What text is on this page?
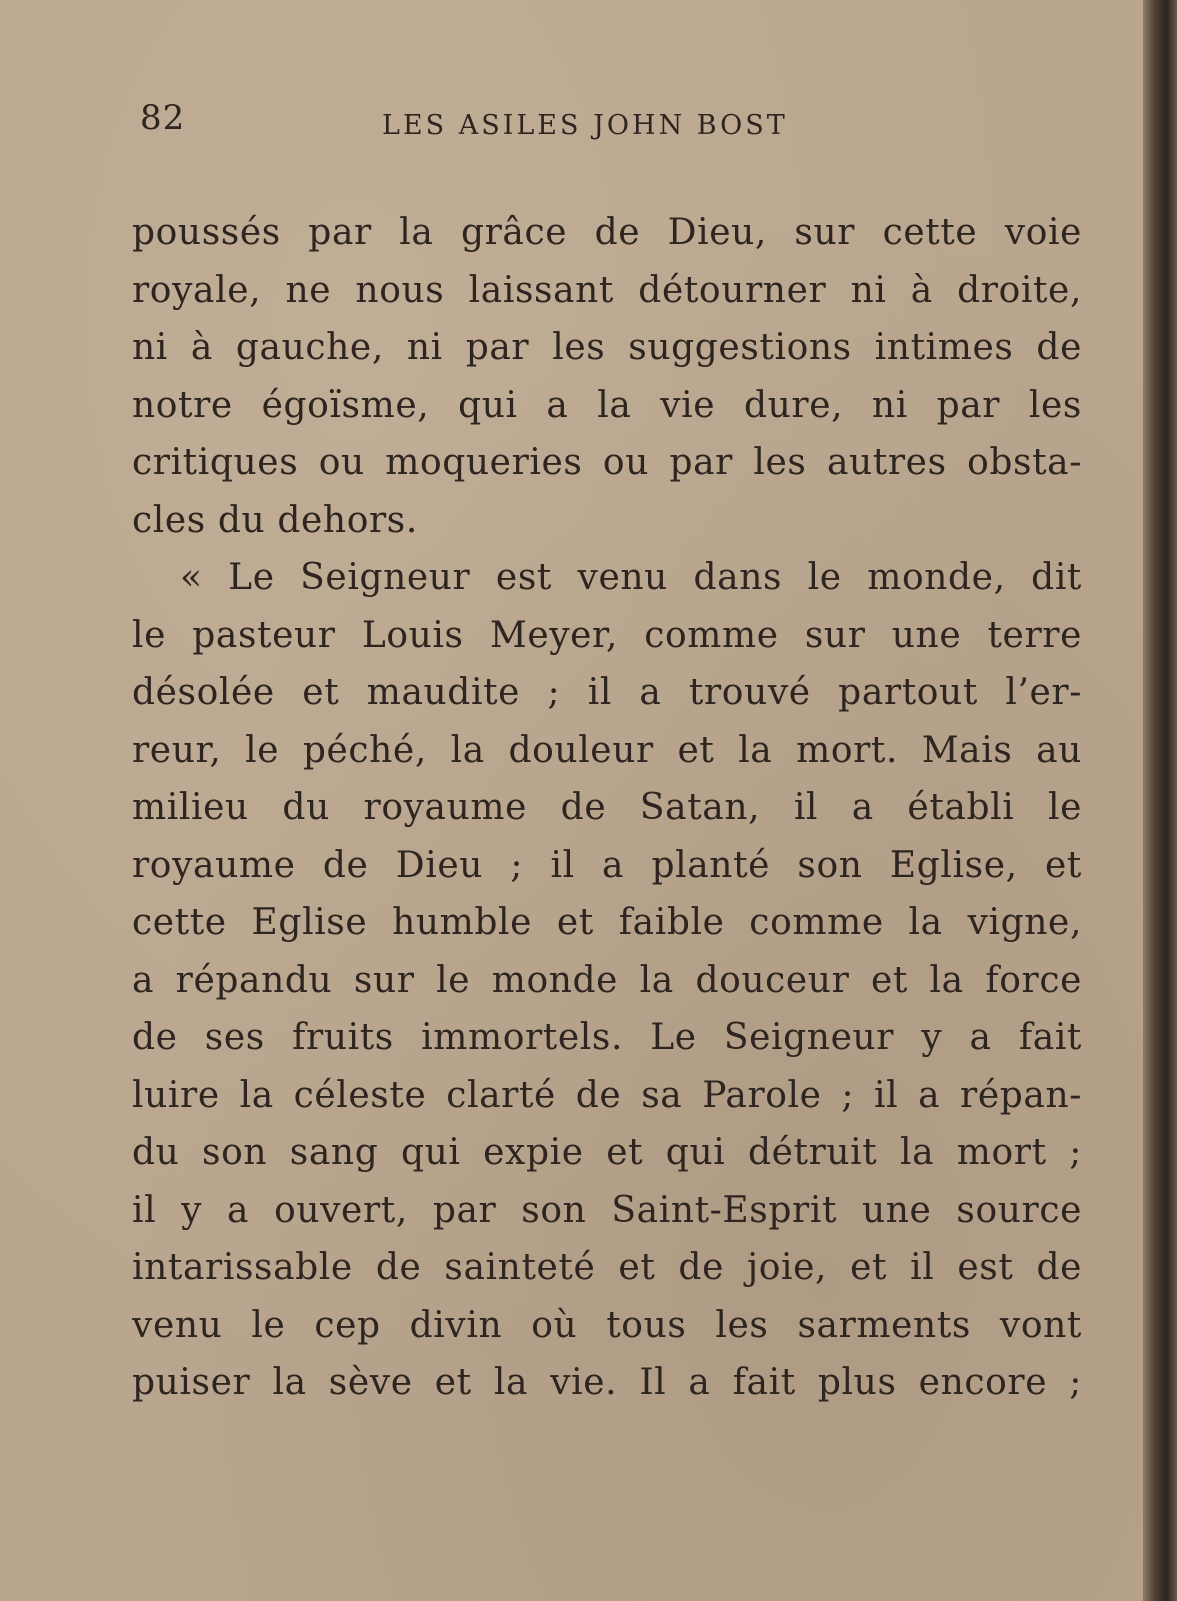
82	LES ASILES JOHN BOST
poussés par la grâce de Dieu, sur cette voie
royale, ne nous laissant détourner ni à droite,
ni à gauche, ni par les suggestions intimes de
notre égoïsme, qui a la vie dure, ni par les
critiques ou moqueries ou par les autres obsta-
cles du dehors.
« Le Seigneur est venu dans le monde, dit
le pasteur Louis Meyer, comme sur une terre
désolée et maudite ; il a trouvé partout l’er-
reur, le péché, la douleur et la mort. Mais au
milieu du royaume de Satan, il a établi le
royaume de Dieu ; il a planté son Eglise, et
cette Eglise humble et faible comme la vigne,
a répandu sur le monde la douceur et la force
de ses fruits immortels. Le Seigneur y a fait
luire la céleste clarté de sa Parole ; il a répan-
du son sang qui expie et qui détruit la mort ;
il y a ouvert, par son Saint-Esprit une source
intarissable de sainteté et de joie, et il est de
venu le cep divin où tous les sarments vont
puiser la sève et la vie. Il a fait plus encore ;
